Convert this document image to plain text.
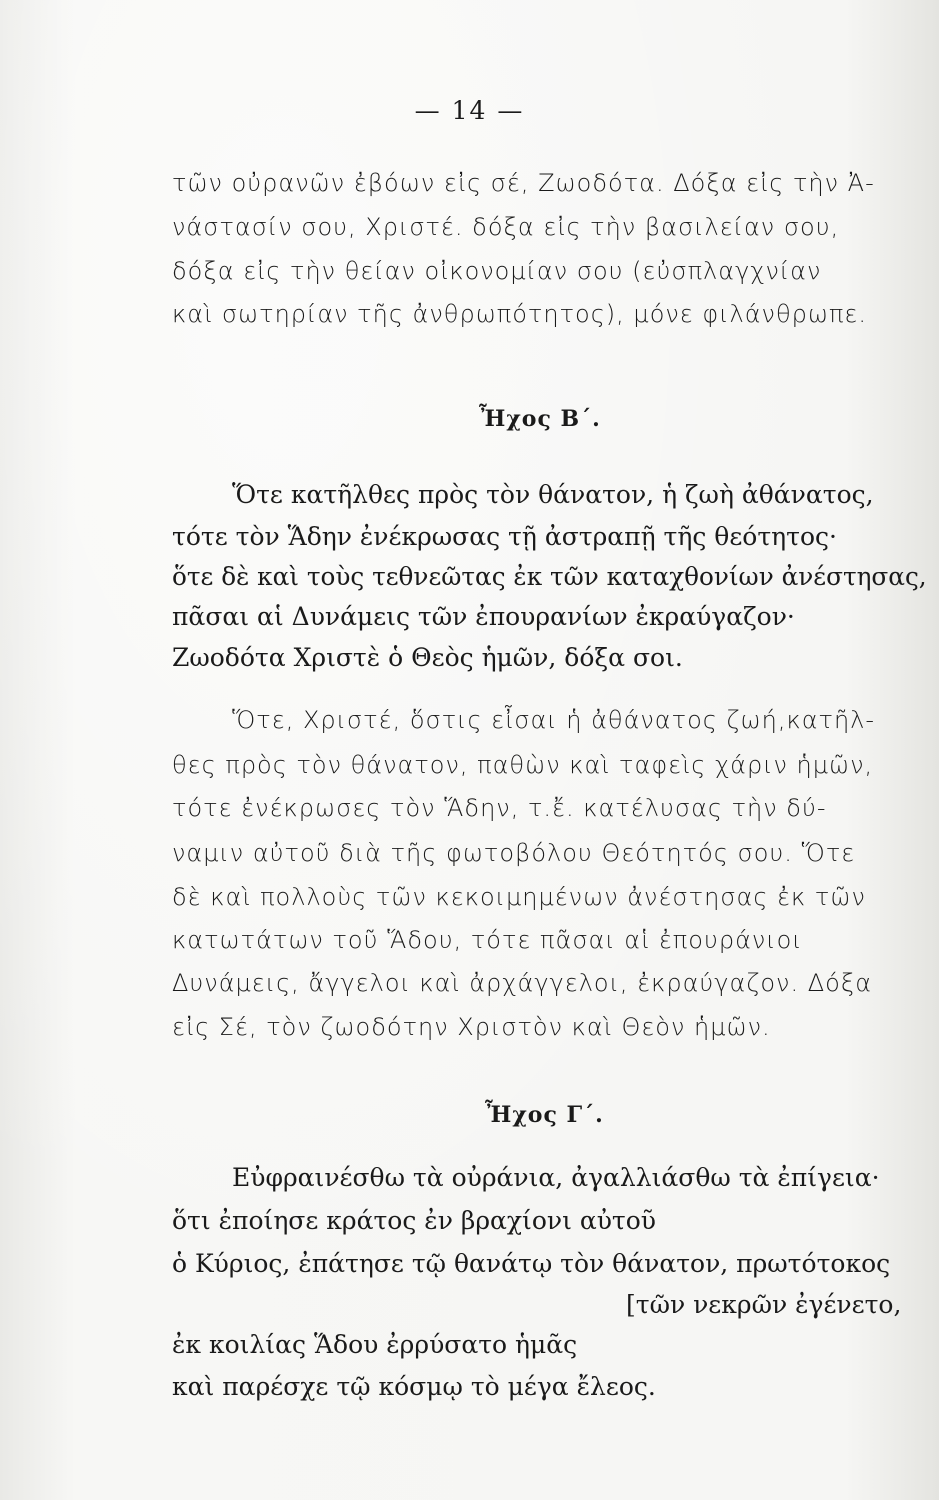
— 14 —
τῶν οὐρανῶν ἐβόων εἰς σέ, Ζωοδότα. Δόξα εἰς τὴν Ἀ-
νάστασίν σου, Χριστέ. δόξα εἰς τὴν βασιλείαν σου,
δόξα εἰς τὴν θείαν οἰκονομίαν σου (εὐσπλαγχνίαν
καὶ σωτηρίαν τῆς ἀνθρωπότητος), μόνε φιλάνθρωπε.
Ἦχος Β΄.
Ὅτε κατῆλθες πρὸς τὸν θάνατον, ἡ ζωὴ ἀθάνατος,
τότε τὸν Ἅδην ἐνέκρωσας τῇ ἀστραπῇ τῆς θεότητος·
ὅτε δὲ καὶ τοὺς τεθνεῶτας ἐκ τῶν καταχθονίων ἀνέστησας,
πᾶσαι αἱ Δυνάμεις τῶν ἐπουρανίων ἐκραύγαζον·
Ζωοδότα Χριστὲ ὁ Θεὸς ἡμῶν, δόξα σοι.
Ὅτε, Χριστέ, ὅστις εἶσαι ἡ ἀθάνατος ζωή,κατῆλ-
θες πρὸς τὸν θάνατον, παθὼν καὶ ταφεὶς χάριν ἡμῶν,
τότε ἐνέκρωσες τὸν Ἅδην, τ.ἔ. κατέλυσας τὴν δύ-
ναμιν αὐτοῦ διὰ τῆς φωτοβόλου Θεότητός σου. Ὅτε
δὲ καὶ πολλοὺς τῶν κεκοιμημένων ἀνέστησας ἐκ τῶν
κατωτάτων τοῦ Ἅδου, τότε πᾶσαι αἱ ἐπουράνιοι
Δυνάμεις, ἄγγελοι καὶ ἀρχάγγελοι, ἐκραύγαζον. Δόξα
εἰς Σέ, τὸν ζωοδότην Χριστὸν καὶ Θεὸν ἡμῶν.
Ἦχος Γ΄.
Εὐφραινέσθω τὰ οὐράνια, ἀγαλλιάσθω τὰ ἐπίγεια·
ὅτι ἐποίησε κράτος ἐν βραχίονι αὐτοῦ
ὁ Κύριος, ἐπάτησε τῷ θανάτῳ τὸν θάνατον, πρωτότοκος
[τῶν νεκρῶν ἐγένετο,
ἐκ κοιλίας Ἅδου ἐρρύσατο ἡμᾶς
καὶ παρέσχε τῷ κόσμῳ τὸ μέγα ἔλεος.
